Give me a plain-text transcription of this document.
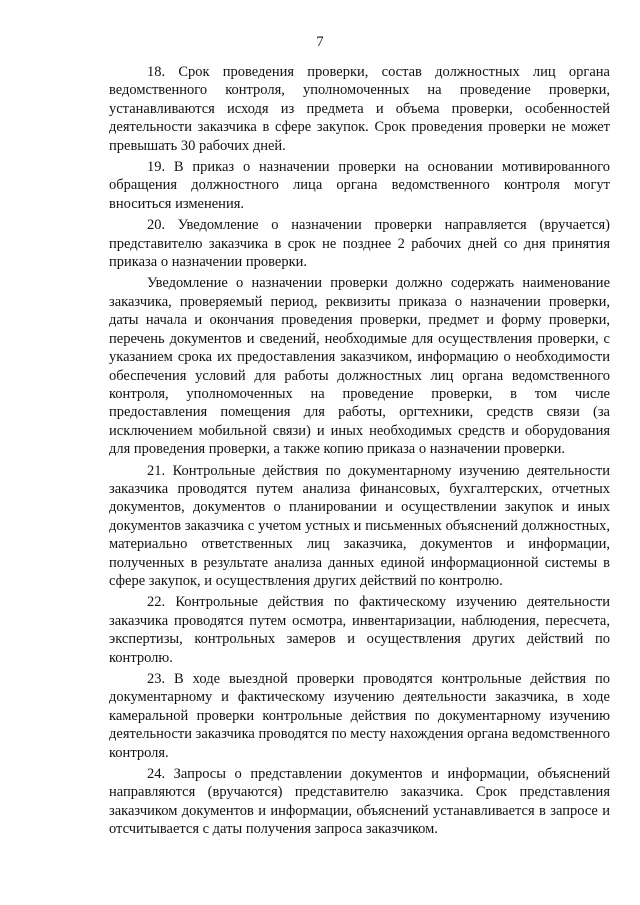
7

18. Срок проведения проверки, состав должностных лиц органа ведомственного контроля, уполномоченных на проведение проверки, устанавливаются исходя из предмета и объема проверки, особенностей деятельности заказчика в сфере закупок. Срок проведения проверки не может превышать 30 рабочих дней.

19. В приказ о назначении проверки на основании мотивированного обращения должностного лица органа ведомственного контроля могут вноситься изменения.

20. Уведомление о назначении проверки направляется (вручается) представителю заказчика в срок не позднее 2 рабочих дней со дня принятия приказа о назначении проверки.

Уведомление о назначении проверки должно содержать наименование заказчика, проверяемый период, реквизиты приказа о назначении проверки, даты начала и окончания проведения проверки, предмет и форму проверки, перечень документов и сведений, необходимые для осуществления проверки, с указанием срока их предоставления заказчиком, информацию о необходимости обеспечения условий для работы должностных лиц органа ведомственного контроля, уполномоченных на проведение проверки, в том числе предоставления помещения для работы, оргтехники, средств связи (за исключением мобильной связи) и иных необходимых средств и оборудования для проведения проверки, а также копию приказа о назначении проверки.

21. Контрольные действия по документарному изучению деятельности заказчика проводятся путем анализа финансовых, бухгалтерских, отчетных документов, документов о планировании и осуществлении закупок и иных документов заказчика с учетом устных и письменных объяснений должностных, материально ответственных лиц заказчика, документов и информации, полученных в результате анализа данных единой информационной системы в сфере закупок, и осуществления других действий по контролю.

22. Контрольные действия по фактическому изучению деятельности заказчика проводятся путем осмотра, инвентаризации, наблюдения, пересчета, экспертизы, контрольных замеров и осуществления других действий по контролю.

23. В ходе выездной проверки проводятся контрольные действия по документарному и фактическому изучению деятельности заказчика, в ходе камеральной проверки контрольные действия по документарному изучению деятельности заказчика проводятся по месту нахождения органа ведомственного контроля.

24. Запросы о представлении документов и информации, объяснений направляются (вручаются) представителю заказчика. Срок представления заказчиком документов и информации, объяснений устанавливается в запросе и отсчитывается с даты получения запроса заказчиком.
